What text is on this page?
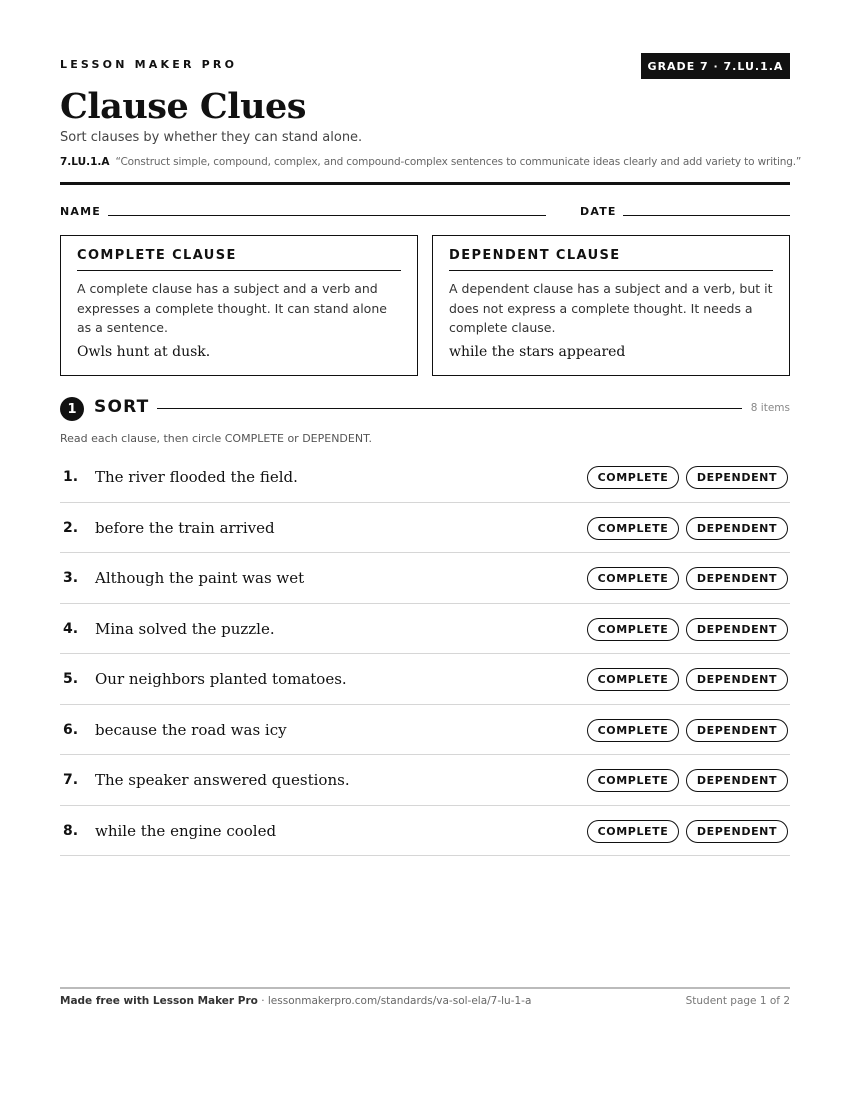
LESSON MAKER PRO	GRADE 7 · 7.LU.1.A
Clause Clues
Sort clauses by whether they can stand alone.
7.LU.1.A “Construct simple, compound, complex, and compound-complex sentences to communicate ideas clearly and add variety to writing.”
NAME	DATE
COMPLETE CLAUSE
A complete clause has a subject and a verb and expresses a complete thought. It can stand alone as a sentence.
Owls hunt at dusk.
DEPENDENT CLAUSE
A dependent clause has a subject and a verb, but it does not express a complete thought. It needs a complete clause.
while the stars appeared
1	SORT	8 items
Read each clause, then circle COMPLETE or DEPENDENT.
1. The river flooded the field.	COMPLETE	DEPENDENT
2. before the train arrived	COMPLETE	DEPENDENT
3. Although the paint was wet	COMPLETE	DEPENDENT
4. Mina solved the puzzle.	COMPLETE	DEPENDENT
5. Our neighbors planted tomatoes.	COMPLETE	DEPENDENT
6. because the road was icy	COMPLETE	DEPENDENT
7. The speaker answered questions.	COMPLETE	DEPENDENT
8. while the engine cooled	COMPLETE	DEPENDENT
Made free with Lesson Maker Pro · lessonmakerpro.com/standards/va-sol-ela/7-lu-1-a	Student page 1 of 2
